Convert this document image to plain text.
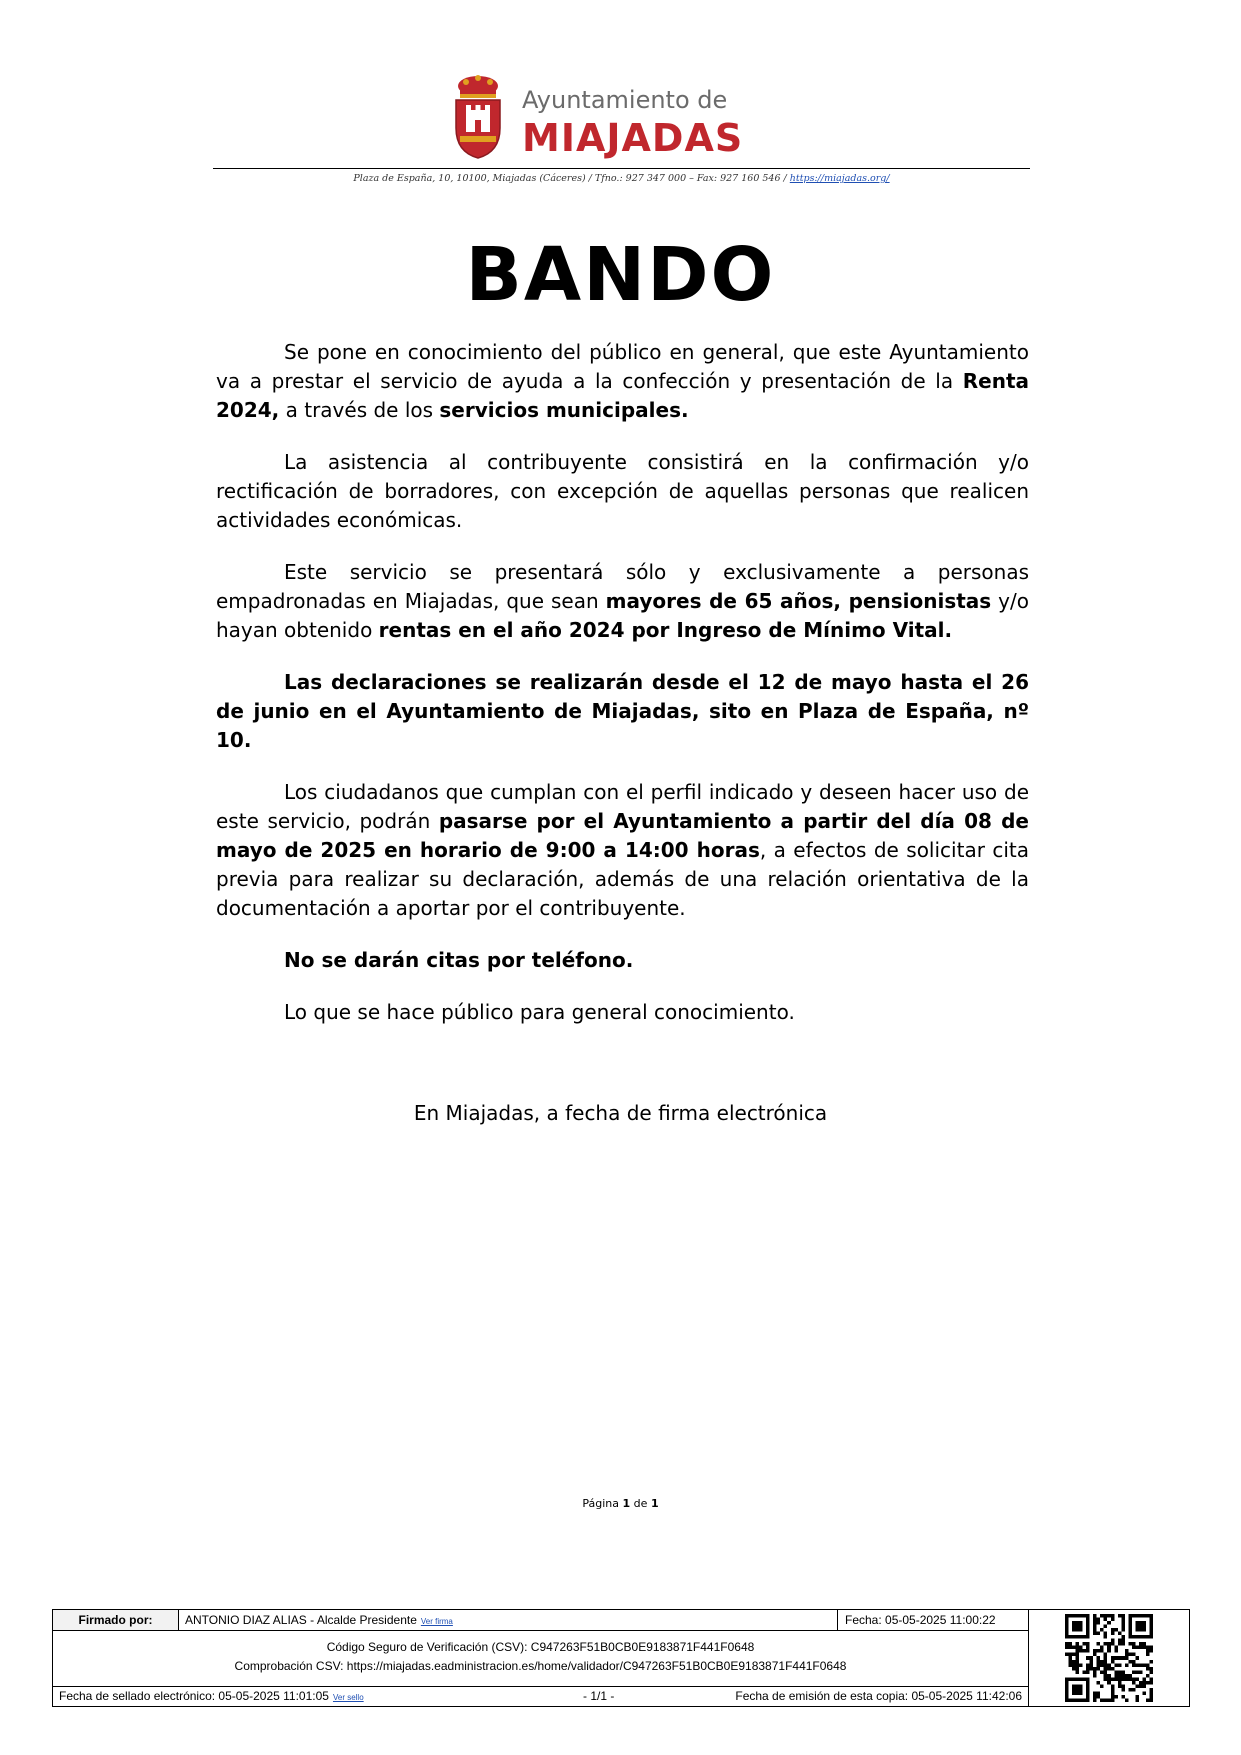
Ayuntamiento de
MIAJADAS
Plaza de España, 10, 10100, Miajadas (Cáceres) / Tfno.: 927 347 000 – Fax: 927 160 546 / https://miajadas.org/
BANDO

Se pone en conocimiento del público en general, que este Ayuntamiento va a prestar el servicio de ayuda a la confección y presentación de la Renta 2024, a través de los servicios municipales.

La asistencia al contribuyente consistirá en la confirmación y/o rectificación de borradores, con excepción de aquellas personas que realicen actividades económicas.

Este servicio se presentará sólo y exclusivamente a personas empadronadas en Miajadas, que sean mayores de 65 años, pensionistas y/o hayan obtenido rentas en el año 2024 por Ingreso de Mínimo Vital.

Las declaraciones se realizarán desde el 12 de mayo hasta el 26 de junio en el Ayuntamiento de Miajadas, sito en Plaza de España, nº 10.

Los ciudadanos que cumplan con el perfil indicado y deseen hacer uso de este servicio, podrán pasarse por el Ayuntamiento a partir del día 08 de mayo de 2025 en horario de 9:00 a 14:00 horas, a efectos de solicitar cita previa para realizar su declaración, además de una relación orientativa de la documentación a aportar por el contribuyente.

No se darán citas por teléfono.

Lo que se hace público para general conocimiento.

En Miajadas, a fecha de firma electrónica
Página 1 de 1
Firmado por:	ANTONIO DIAZ ALIAS - Alcalde Presidente Ver firma	Fecha: 05-05-2025 11:00:22
Código Seguro de Verificación (CSV): C947263F51B0CB0E9183871F441F0648
Comprobación CSV: https://miajadas.eadministracion.es/home/validador/C947263F51B0CB0E9183871F441F0648
Fecha de sellado electrónico: 05-05-2025 11:01:05 Ver sello	- 1/1 -	Fecha de emisión de esta copia: 05-05-2025 11:42:06
